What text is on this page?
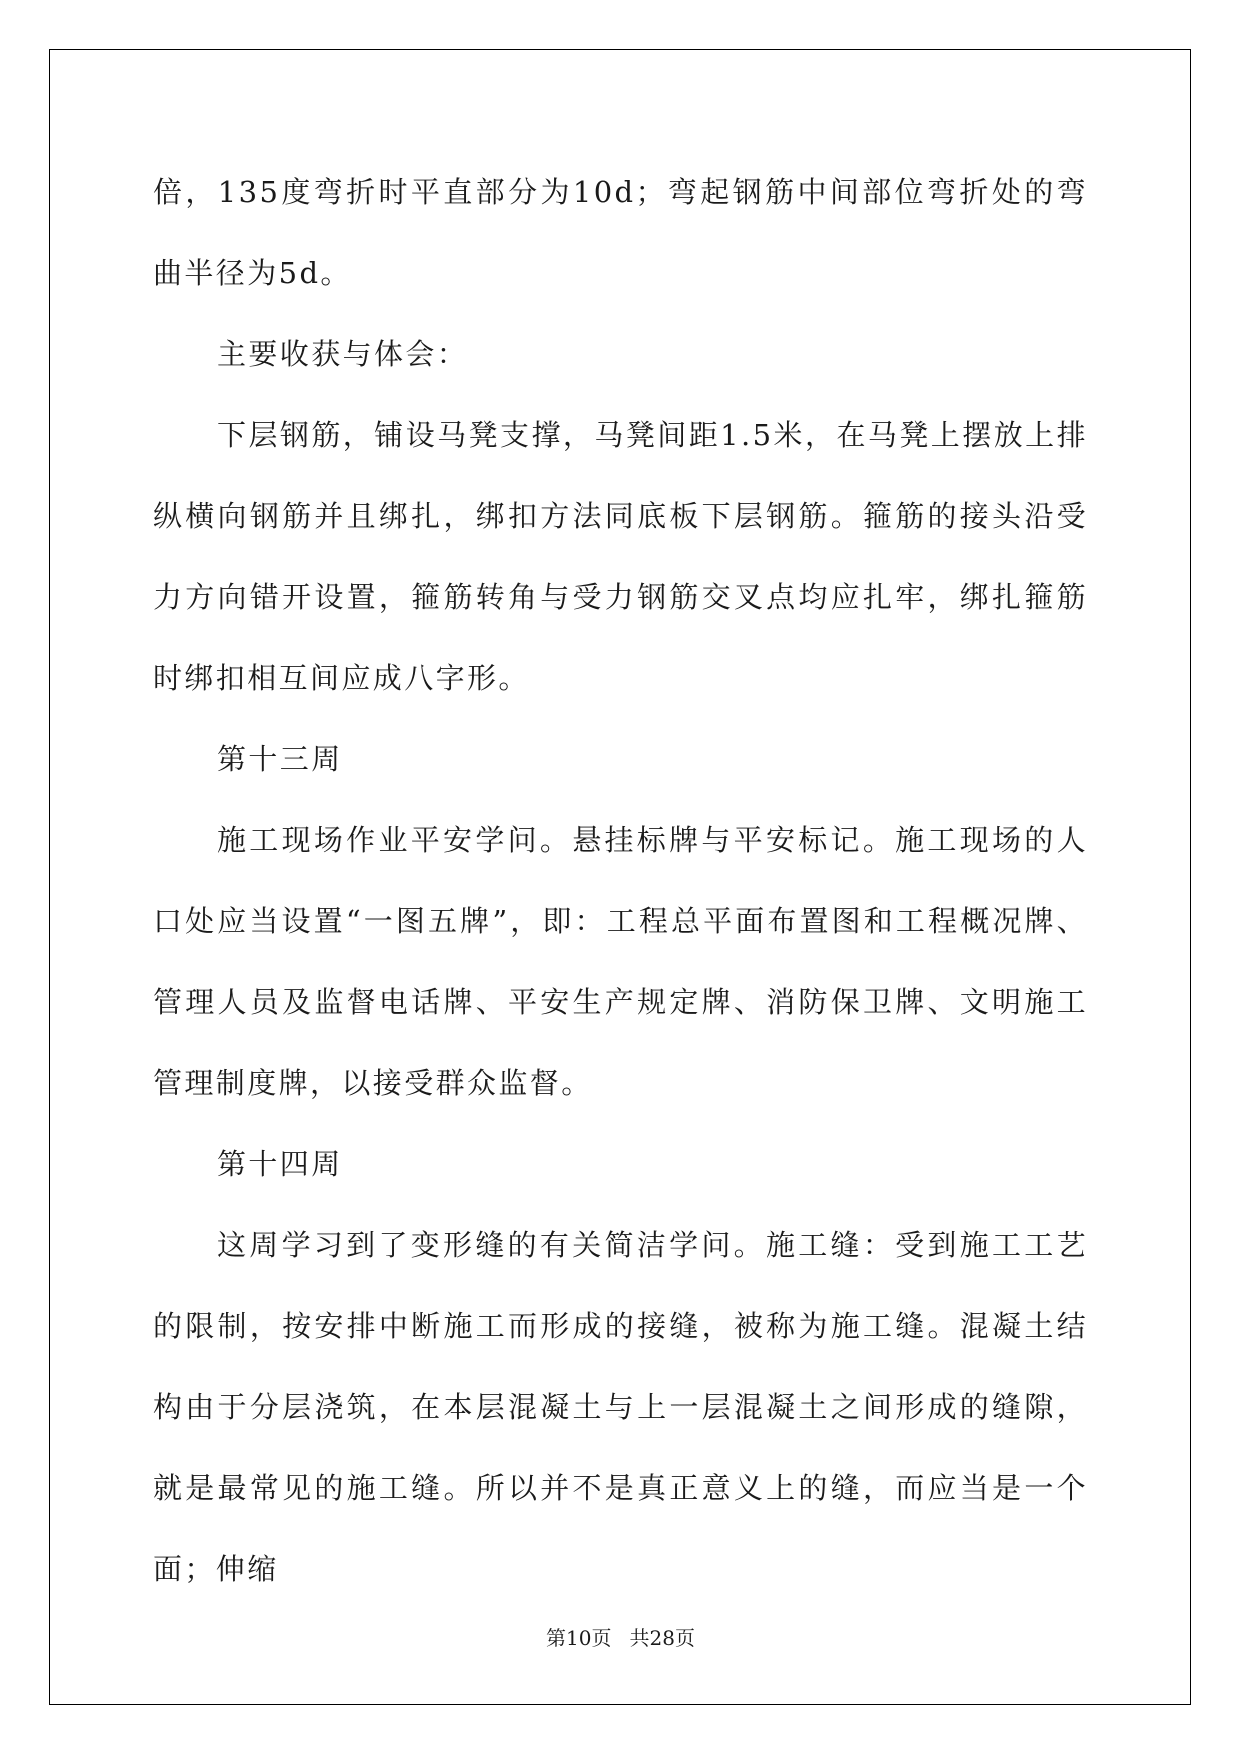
倍，135度弯折时平直部分为10d；弯起钢筋中间部位弯折处的弯曲半径为5d。

主要收获与体会：

下层钢筋，铺设马凳支撑，马凳间距1.5米，在马凳上摆放上排纵横向钢筋并且绑扎，绑扣方法同底板下层钢筋。箍筋的接头沿受力方向错开设置，箍筋转角与受力钢筋交叉点均应扎牢，绑扎箍筋时绑扣相互间应成八字形。

第十三周

施工现场作业平安学问。悬挂标牌与平安标记。施工现场的人口处应当设置“一图五牌”，即：工程总平面布置图和工程概况牌、管理人员及监督电话牌、平安生产规定牌、消防保卫牌、文明施工管理制度牌，以接受群众监督。

第十四周

这周学习到了变形缝的有关简洁学问。施工缝：受到施工工艺的限制，按安排中断施工而形成的接缝，被称为施工缝。混凝土结构由于分层浇筑，在本层混凝土与上一层混凝土之间形成的缝隙，就是最常见的施工缝。所以并不是真正意义上的缝，而应当是一个面；伸缩

第10页 共28页
